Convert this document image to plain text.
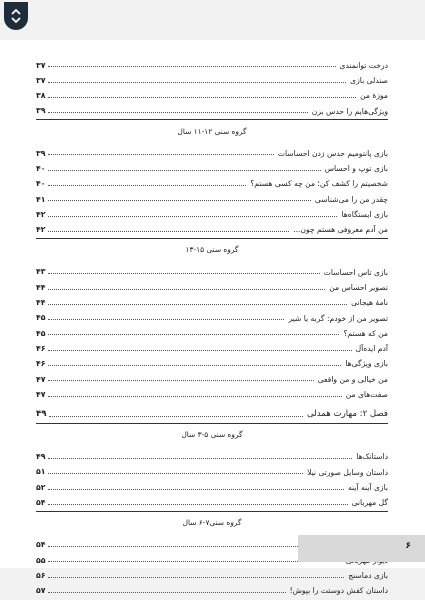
درخت توانمندی
۳۷
صندلی بازی
۳۷
موزهٔ من
۳۸
ویژگی‌هایم را حدس بزن
۳۹
گروه سنی ۱۲-۱۱ سال
بازی پانتومیم حدس زدن احساسات
۳۹
بازی توپ و احساس
۴۰
شخصیتم را کشف کن؛ من چه کسی هستم؟
۴۰
چقدر من را می‌شناسی
۴۱
بازی ایستگاه‌ها
۴۲
من آدم معروفی هستم چون...
۴۲
گروه سنی ۱۵-۱۳
بازی تاس احساسات
۴۳
تصویر احساس من
۴۴
نامهٔ هیجانی
۴۴
تصویر من از خودم: گربه یا شیر
۴۵
من که هستم؟
۴۵
آدم ایده‌آل
۴۶
بازی ویژگی‌ها
۴۶
من خیالی و من واقعی
۴۷
صفت‌های من
۴۷
فصل ۲: مهارت همدلی
۴۹
گروه سنی ۵-۳ سال
داستانک‌ها
۴۹
داستان وسایل صورتی نیلا
۵۱
بازی آینه آینه
۵۲
گل مهربانی
۵۴
گروه سنی۷-۶ سال
۵۴
۵۵
بازی دماسنج
۵۶
داستان کفش دوستت را بپوش!
۵۷
۶
